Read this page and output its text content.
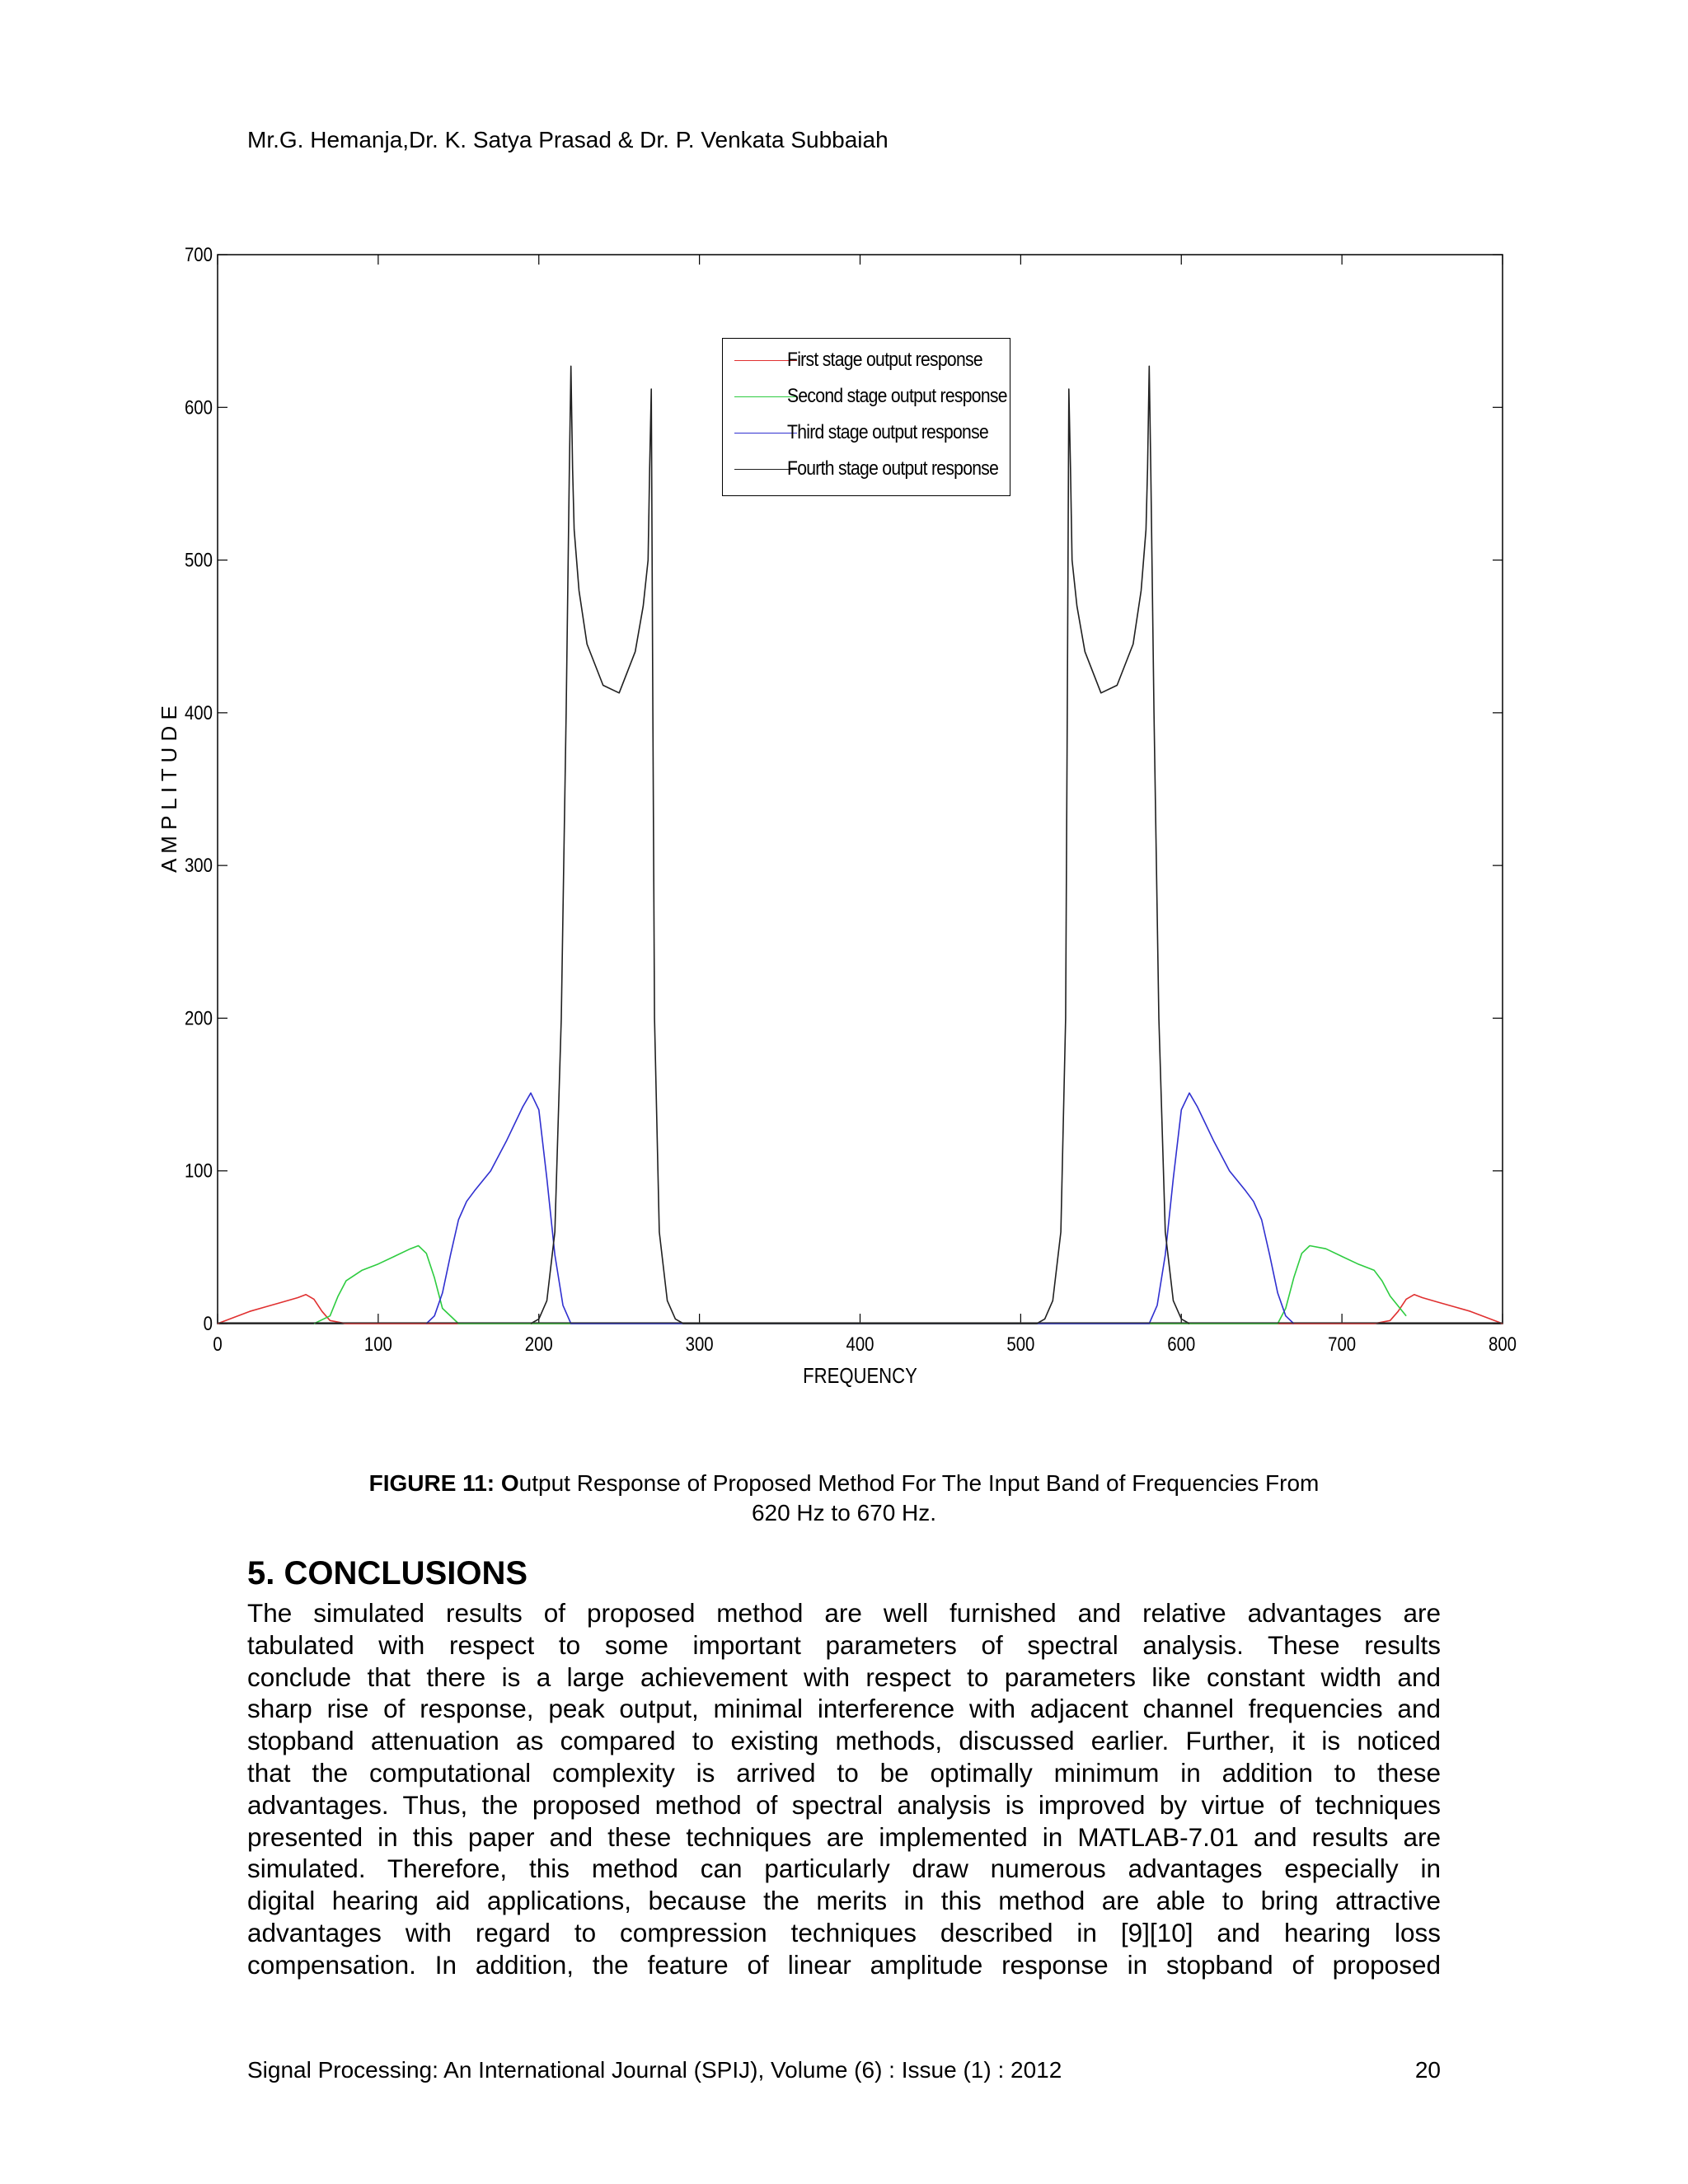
Mr.G. Hemanja,Dr. K. Satya Prasad & Dr. P. Venkata Subbaiah
0	100	200	300	400	500	600	700	800
0
100
200
300
400
500
600
700
FREQUENCY
A M P L I T U D E
First stage output response
Second stage output response
Third stage output response
Fourth stage output response
FIGURE 11: Output Response of Proposed Method For The Input Band of Frequencies From
620 Hz to 670 Hz.
5. CONCLUSIONS
The simulated results of proposed method are well furnished and relative advantages are
tabulated with respect to some important parameters of spectral analysis. These results
conclude that there is a large achievement with respect to parameters like constant width and
sharp rise of response, peak output, minimal interference with adjacent channel frequencies and
stopband attenuation as compared to existing methods, discussed earlier. Further, it is noticed
that the computational complexity is arrived to be optimally minimum in addition to these
advantages. Thus, the proposed method of spectral analysis is improved by virtue of techniques
presented in this paper and these techniques are implemented in MATLAB-7.01 and results are
simulated. Therefore, this method can particularly draw numerous advantages especially in
digital hearing aid applications, because the merits in this method are able to bring attractive
advantages with regard to compression techniques described in [9][10] and hearing loss
compensation. In addition, the feature of linear amplitude response in stopband of proposed
Signal Processing: An International Journal (SPIJ), Volume (6) : Issue (1) : 2012	20
